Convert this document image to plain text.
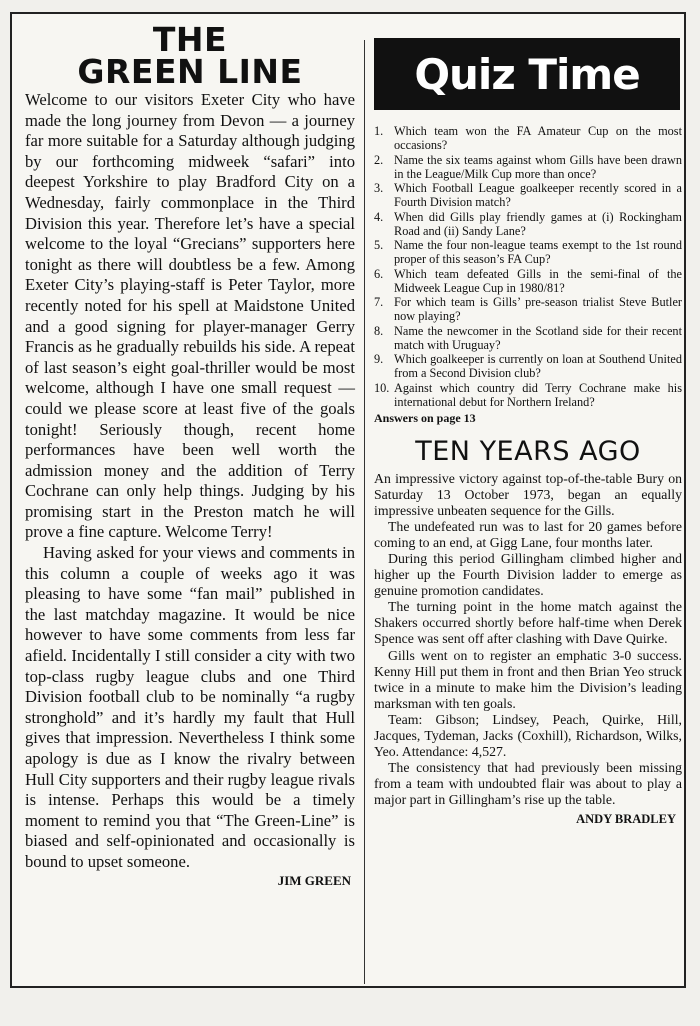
THE
GREEN LINE

Welcome to our visitors Exeter City who have made the long journey from Devon — a journey far more suitable for a Saturday although judging by our forthcoming midweek “safari” into deepest Yorkshire to play Bradford City on a Wednesday, fairly commonplace in the Third Division this year. Therefore let’s have a special welcome to the loyal “Grecians” supporters here tonight as there will doubtless be a few. Among Exeter City’s playing-staff is Peter Taylor, more recently noted for his spell at Maidstone United and a good signing for player-manager Gerry Francis as he gradually rebuilds his side. A repeat of last season’s eight goal-thriller would be most welcome, although I have one small request — could we please score at least five of the goals tonight! Seriously though, recent home performances have been well worth the admission money and the addition of Terry Cochrane can only help things. Judging by his promising start in the Preston match he will prove a fine capture. Welcome Terry!

Having asked for your views and comments in this column a couple of weeks ago it was pleasing to have some “fan mail” published in the last matchday magazine. It would be nice however to have some comments from less far afield. Incidentally I still consider a city with two top-class rugby league clubs and one Third Division football club to be nominally “a rugby stronghold” and it’s hardly my fault that Hull gives that impression. Nevertheless I think some apology is due as I know the rivalry between Hull City supporters and their rugby league rivals is intense. Perhaps this would be a timely moment to remind you that “The Green-Line” is biased and self-opinionated and occasionally is bound to upset someone.

JIM GREEN
Quiz Time
1. Which team won the FA Amateur Cup on the most occasions?
2. Name the six teams against whom Gills have been drawn in the League/Milk Cup more than once?
3. Which Football League goalkeeper recently scored in a Fourth Division match?
4. When did Gills play friendly games at (i) Rockingham Road and (ii) Sandy Lane?
5. Name the four non-league teams exempt to the 1st round proper of this season’s FA Cup?
6. Which team defeated Gills in the semi-final of the Midweek League Cup in 1980/81?
7. For which team is Gills’ pre-season trialist Steve Butler now playing?
8. Name the newcomer in the Scotland side for their recent match with Uruguay?
9. Which goalkeeper is currently on loan at Southend United from a Second Division club?
10. Against which country did Terry Cochrane make his international debut for Northern Ireland?
Answers on page 13
TEN YEARS AGO

An impressive victory against top-of-the-table Bury on Saturday 13 October 1973, began an equally impressive unbeaten sequence for the Gills.

The undefeated run was to last for 20 games before coming to an end, at Gigg Lane, four months later.

During this period Gillingham climbed higher and higher up the Fourth Division ladder to emerge as genuine promotion candidates.

The turning point in the home match against the Shakers occurred shortly before half-time when Derek Spence was sent off after clashing with Dave Quirke.

Gills went on to register an emphatic 3-0 success. Kenny Hill put them in front and then Brian Yeo struck twice in a minute to make him the Division’s leading marksman with ten goals.

Team: Gibson; Lindsey, Peach, Quirke, Hill, Jacques, Tydeman, Jacks (Coxhill), Richardson, Wilks, Yeo. Attendance: 4,527.

The consistency that had previously been missing from a team with undoubted flair was about to play a major part in Gillingham’s rise up the table.

ANDY BRADLEY
